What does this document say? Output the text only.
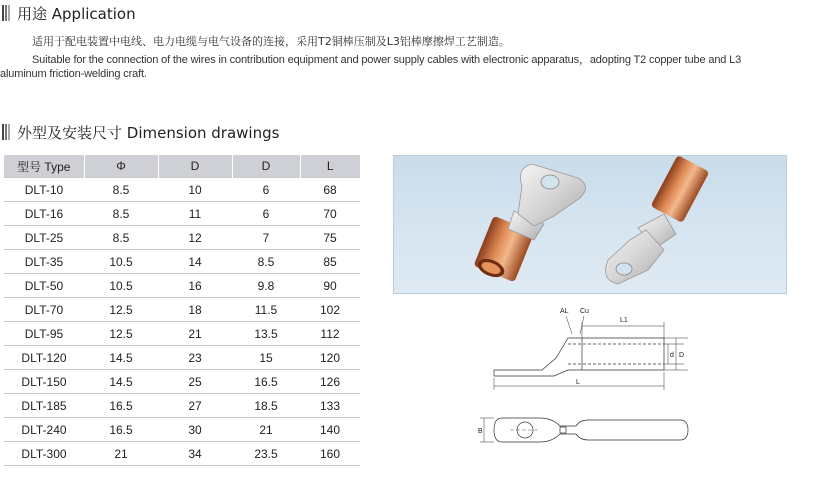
用途 Application
适用于配电装置中电线、电力电缆与电气设备的连接，采用T2铜棒压制及L3铝棒摩擦焊工艺制造。
Suitable for the connection of the wires in contribution equipment and power supply cables with electronic apparatus，adopting T2 copper tube and L3 aluminum friction-welding craft.
外型及安装尺寸 Dimension drawings
型号 Type	Φ	D	D	L
DLT-10	8.5	10	6	68
DLT-16	8.5	11	6	70
DLT-25	8.5	12	7	75
DLT-35	10.5	14	8.5	85
DLT-50	10.5	16	9.8	90
DLT-70	12.5	18	11.5	102
DLT-95	12.5	21	13.5	112
DLT-120	14.5	23	15	120
DLT-150	14.5	25	16.5	126
DLT-185	16.5	27	18.5	133
DLT-240	16.5	30	21	140
DLT-300	21	34	23.5	160
AL Cu
L1
D
d
L
B
